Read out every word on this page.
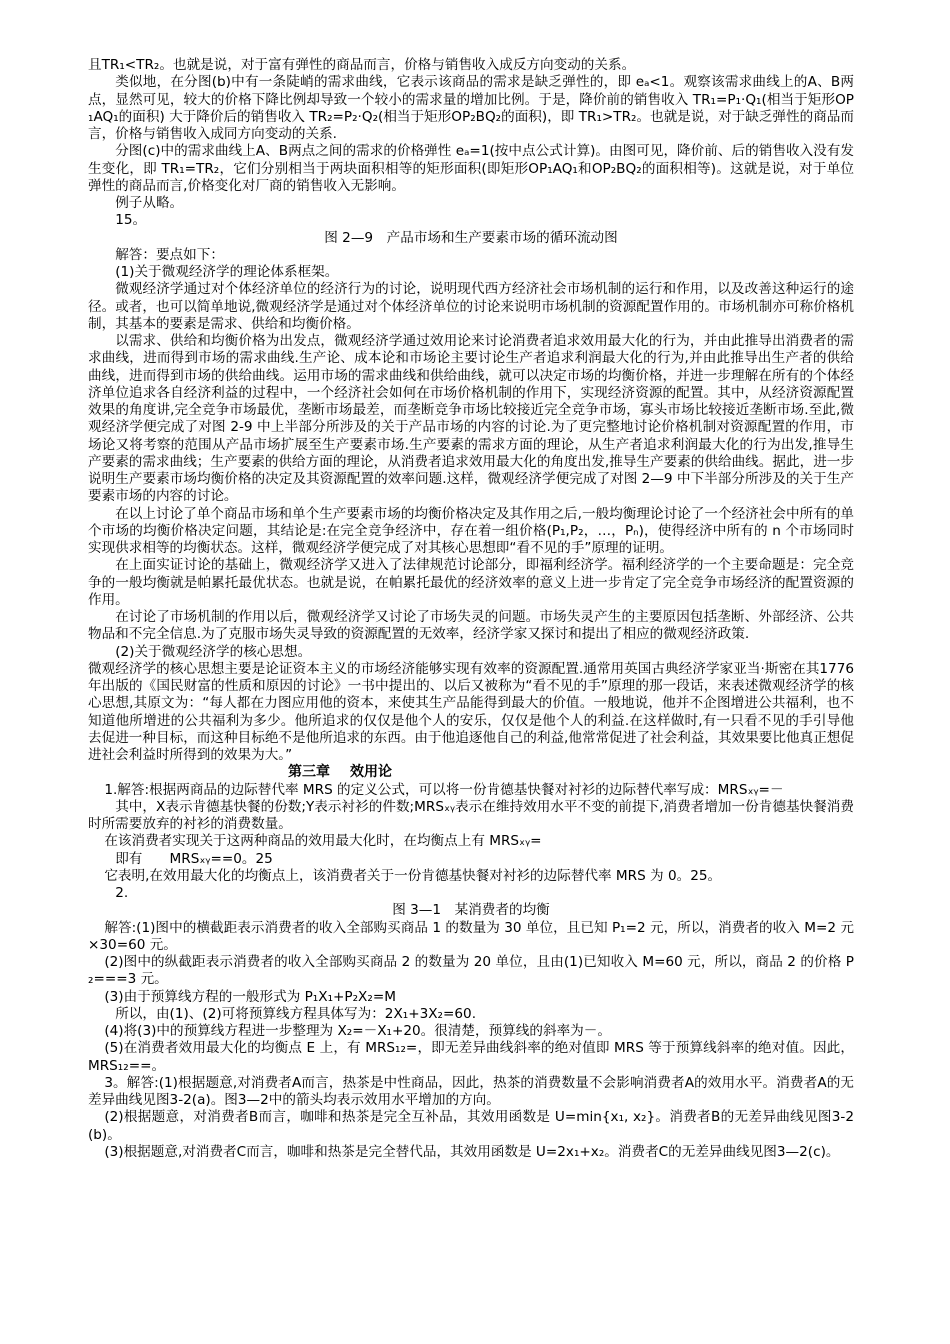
且TR₁<TR₂。也就是说，对于富有弹性的商品而言，价格与销售收入成反方向变动的关系。

类似地，在分图(b)中有一条陡峭的需求曲线，它表示该商品的需求是缺乏弹性的，即 eₐ<1。观察该需求曲线上的A、B两点，显然可见，较大的价格下降比例却导致一个较小的需求量的增加比例。于是，降价前的销售收入 TR₁=P₁·Q₁(相当于矩形OP₁AQ₁的面积) 大于降价后的销售收入 TR₂=P₂·Q₂(相当于矩形OP₂BQ₂的面积)，即 TR₁>TR₂。也就是说，对于缺乏弹性的商品而言，价格与销售收入成同方向变动的关系.

分图(c)中的需求曲线上A、B两点之间的需求的价格弹性 eₐ=1(按中点公式计算)。由图可见，降价前、后的销售收入没有发生变化，即 TR₁=TR₂，它们分别相当于两块面积相等的矩形面积(即矩形OP₁AQ₁和OP₂BQ₂的面积相等)。这就是说，对于单位弹性的商品而言,价格变化对厂商的销售收入无影响。

例子从略。

15。

图 2—9　产品市场和生产要素市场的循环流动图

解答：要点如下：

(1)关于微观经济学的理论体系框架。

微观经济学通过对个体经济单位的经济行为的讨论，说明现代西方经济社会市场机制的运行和作用，以及改善这种运行的途径。或者，也可以简单地说,微观经济学是通过对个体经济单位的讨论来说明市场机制的资源配置作用的。市场机制亦可称价格机制，其基本的要素是需求、供给和均衡价格。

以需求、供给和均衡价格为出发点，微观经济学通过效用论来讨论消费者追求效用最大化的行为，并由此推导出消费者的需求曲线，进而得到市场的需求曲线.生产论、成本论和市场论主要讨论生产者追求利润最大化的行为,并由此推导出生产者的供给曲线，进而得到市场的供给曲线。运用市场的需求曲线和供给曲线，就可以决定市场的均衡价格，并进一步理解在所有的个体经济单位追求各自经济利益的过程中，一个经济社会如何在市场价格机制的作用下，实现经济资源的配置。其中，从经济资源配置效果的角度讲,完全竞争市场最优，垄断市场最差，而垄断竞争市场比较接近完全竞争市场，寡头市场比较接近垄断市场.至此,微观经济学便完成了对图 2-9 中上半部分所涉及的关于产品市场的内容的讨论.为了更完整地讨论价格机制对资源配置的作用，市场论又将考察的范围从产品市场扩展至生产要素市场.生产要素的需求方面的理论，从生产者追求利润最大化的行为出发,推导生产要素的需求曲线；生产要素的供给方面的理论，从消费者追求效用最大化的角度出发,推导生产要素的供给曲线。据此，进一步说明生产要素市场均衡价格的决定及其资源配置的效率问题.这样，微观经济学便完成了对图 2—9 中下半部分所涉及的关于生产要素市场的内容的讨论。

在以上讨论了单个商品市场和单个生产要素市场的均衡价格决定及其作用之后,一般均衡理论讨论了一个经济社会中所有的单个市场的均衡价格决定问题，其结论是:在完全竞争经济中，存在着一组价格(P₁,P₂，…，Pₙ)，使得经济中所有的 n 个市场同时实现供求相等的均衡状态。这样，微观经济学便完成了对其核心思想即“看不见的手”原理的证明。

在上面实证讨论的基础上，微观经济学又进入了法律规范讨论部分，即福利经济学。福利经济学的一个主要命题是：完全竞争的一般均衡就是帕累托最优状态。也就是说，在帕累托最优的经济效率的意义上进一步肯定了完全竞争市场经济的配置资源的作用。

在讨论了市场机制的作用以后，微观经济学又讨论了市场失灵的问题。市场失灵产生的主要原因包括垄断、外部经济、公共物品和不完全信息.为了克服市场失灵导致的资源配置的无效率，经济学家又探讨和提出了相应的微观经济政策.

(2)关于微观经济学的核心思想。

微观经济学的核心思想主要是论证资本主义的市场经济能够实现有效率的资源配置.通常用英国古典经济学家亚当·斯密在其1776年出版的《国民财富的性质和原因的讨论》一书中提出的、以后又被称为“看不见的手”原理的那一段话，来表述微观经济学的核心思想,其原文为：“每人都在力图应用他的资本，来使其生产品能得到最大的价值。一般地说，他并不企图增进公共福利，也不知道他所增进的公共福利为多少。他所追求的仅仅是他个人的安乐，仅仅是他个人的利益.在这样做时,有一只看不见的手引导他去促进一种目标，而这种目标绝不是他所追求的东西。由于他追逐他自己的利益,他常常促进了社会利益，其效果要比他真正想促进社会利益时所得到的效果为大。”

第三章 效用论

1.解答:根据两商品的边际替代率 MRS 的定义公式，可以将一份肯德基快餐对衬衫的边际替代率写成：MRSₓᵧ=－

其中，X表示肯德基快餐的份数;Y表示衬衫的件数;MRSₓᵧ表示在维持效用水平不变的前提下,消费者增加一份肯德基快餐消费时所需要放弃的衬衫的消费数量。

在该消费者实现关于这两种商品的效用最大化时，在均衡点上有 MRSₓᵧ=

即有　　MRSₓᵧ==0。25

它表明,在效用最大化的均衡点上，该消费者关于一份肯德基快餐对衬衫的边际替代率 MRS 为 0。25。

2.

图 3—1　某消费者的均衡

解答:(1)图中的横截距表示消费者的收入全部购买商品 1 的数量为 30 单位，且已知 P₁=2 元，所以，消费者的收入 M=2 元×30=60 元。

(2)图中的纵截距表示消费者的收入全部购买商品 2 的数量为 20 单位，且由(1)已知收入 M=60 元，所以，商品 2 的价格 P₂===3 元。

(3)由于预算线方程的一般形式为 P₁X₁+P₂X₂=M

所以，由(1)、(2)可将预算线方程具体写为：2X₁+3X₂=60.

(4)将(3)中的预算线方程进一步整理为 X₂=－X₁+20。很清楚，预算线的斜率为－。

(5)在消费者效用最大化的均衡点 E 上，有 MRS₁₂=，即无差异曲线斜率的绝对值即 MRS 等于预算线斜率的绝对值。因此，MRS₁₂==。

3。解答:(1)根据题意,对消费者A而言，热茶是中性商品，因此，热茶的消费数量不会影响消费者A的效用水平。消费者A的无差异曲线见图3-2(a)。图3—2中的箭头均表示效用水平增加的方向。

(2)根据题意，对消费者B而言，咖啡和热茶是完全互补品，其效用函数是 U=min{x₁, x₂}。消费者B的无差异曲线见图3-2(b)。

(3)根据题意,对消费者C而言，咖啡和热茶是完全替代品，其效用函数是 U=2x₁+x₂。消费者C的无差异曲线见图3—2(c)。
